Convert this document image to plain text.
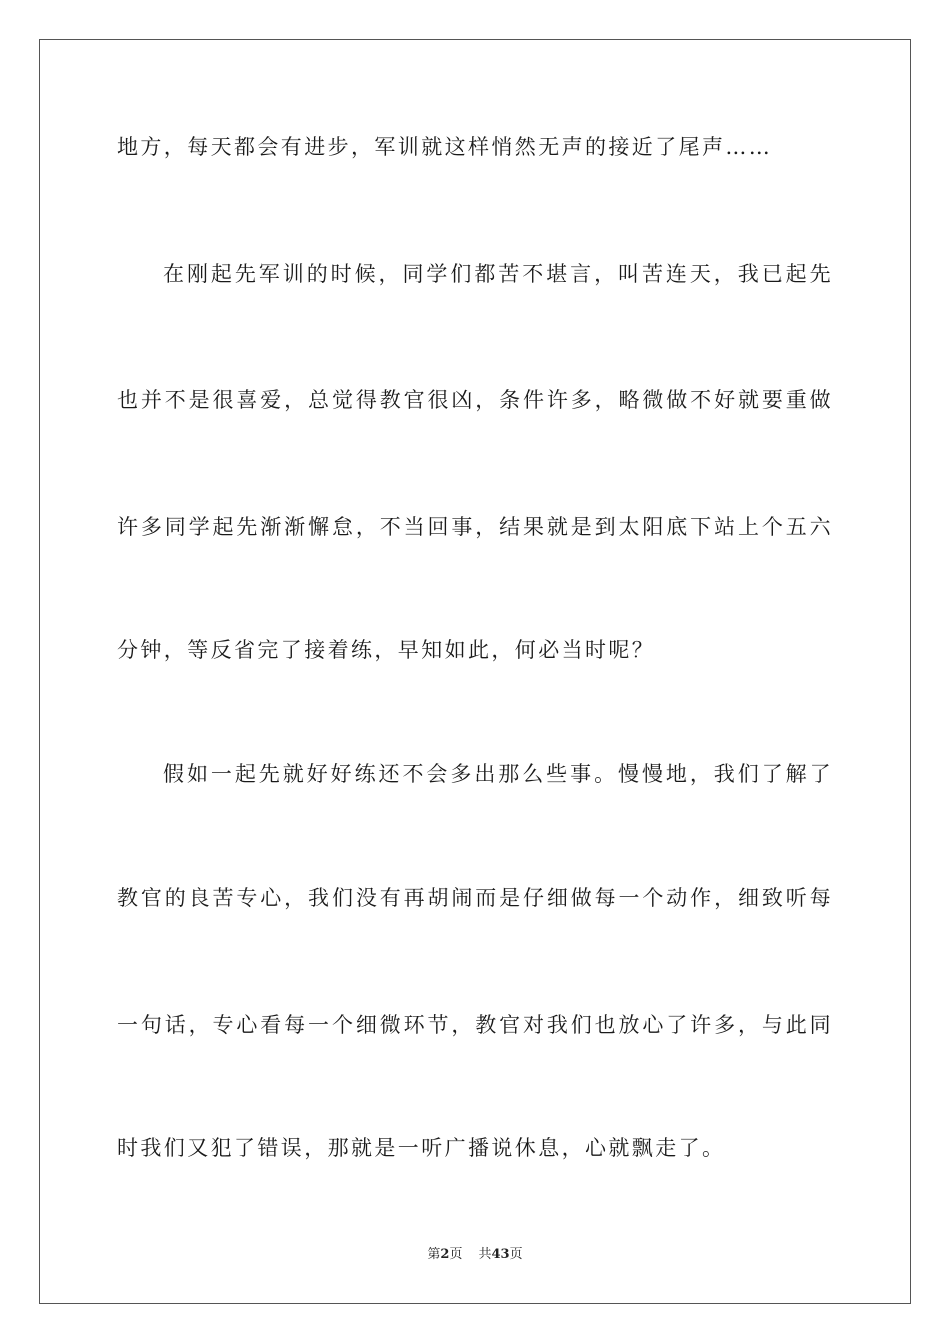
地方，每天都会有进步，军训就这样悄然无声的接近了尾声……
在刚起先军训的时候，同学们都苦不堪言，叫苦连天，我已起先
也并不是很喜爱，总觉得教官很凶，条件许多，略微做不好就要重做
许多同学起先渐渐懈怠，不当回事，结果就是到太阳底下站上个五六
分钟，等反省完了接着练，早知如此，何必当时呢？
假如一起先就好好练还不会多出那么些事。慢慢地，我们了解了
教官的良苦专心，我们没有再胡闹而是仔细做每一个动作，细致听每
一句话，专心看每一个细微环节，教官对我们也放心了许多，与此同
时我们又犯了错误，那就是一听广播说休息，心就飘走了。
第2页 共43页
